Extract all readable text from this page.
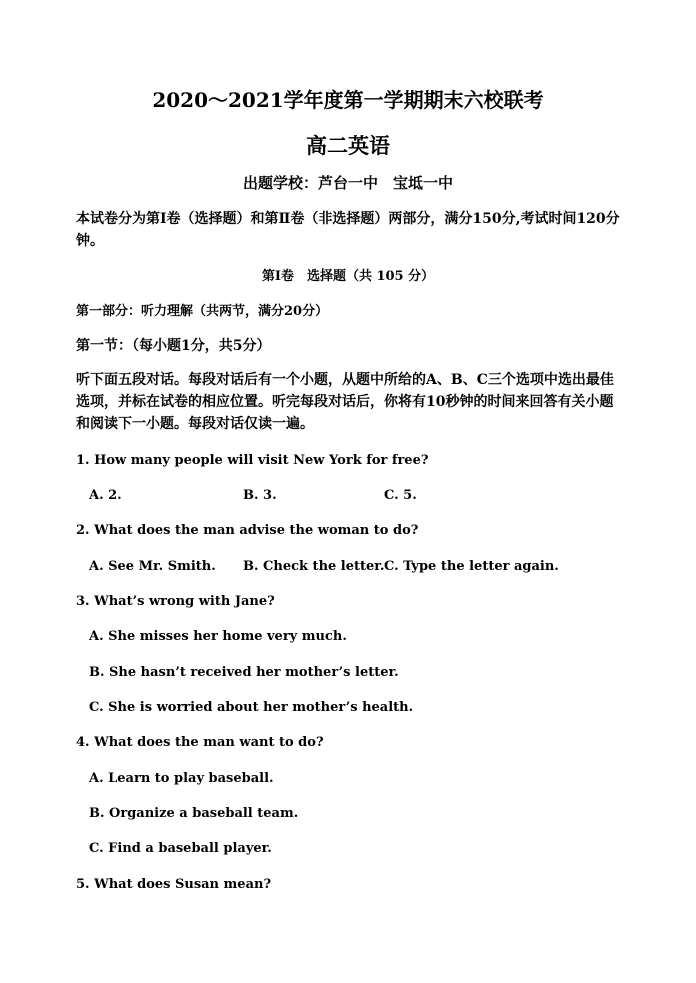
2020～2021学年度第一学期期末六校联考
高二英语
出题学校：芦台一中　宝坻一中
本试卷分为第Ⅰ卷（选择题）和第Ⅱ卷（非选择题）两部分，满分150分,考试时间120分钟。
第Ⅰ卷　选择题（共 105 分）
第一部分：听力理解（共两节，满分20分）
第一节：（每小题1分，共5分）
听下面五段对话。每段对话后有一个小题，从题中所给的A、B、C三个选项中选出最佳选项，并标在试卷的相应位置。听完每段对话后，你将有10秒钟的时间来回答有关小题和阅读下一小题。每段对话仅读一遍。
1. How many people will visit New York for free?
A. 2.	B. 3.	C. 5.
2. What does the man advise the woman to do?
A. See Mr. Smith. B. Check the letter. C. Type the letter again.
3. What’s wrong with Jane?
A. She misses her home very much.
B. She hasn’t received her mother’s letter.
C. She is worried about her mother’s health.
4. What does the man want to do?
A. Learn to play baseball.
B. Organize a baseball team.
C. Find a baseball player.
5. What does Susan mean?
